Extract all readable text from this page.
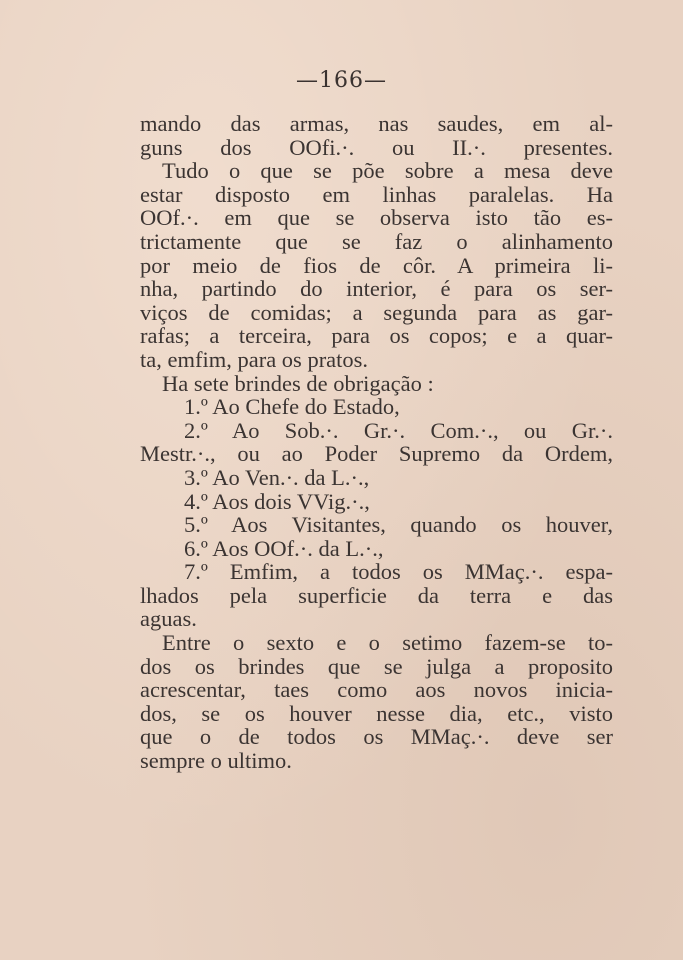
—166—
mando das armas, nas saudes, em al-
guns dos OOfi.·. ou II.·. presentes.
Tudo o que se põe sobre a mesa deve
estar disposto em linhas paralelas. Ha
OOf.·. em que se observa isto tão es-
trictamente que se faz o alinhamento
por meio de fios de côr. A primeira li-
nha, partindo do interior, é para os ser-
viços de comidas; a segunda para as gar-
rafas; a terceira, para os copos; e a quar-
ta, emfim, para os pratos.
Ha sete brindes de obrigação :
1.º Ao Chefe do Estado,
2.º Ao Sob.·. Gr.·. Com.·., ou Gr.·.
Mestr.·., ou ao Poder Supremo da Ordem,
3.º Ao Ven.·. da L.·.,
4.º Aos dois VVig.·.,
5.º Aos Visitantes, quando os houver,
6.º Aos OOf.·. da L.·.,
7.º Emfim, a todos os MMaç.·. espa-
lhados pela superficie da terra e das
aguas.
Entre o sexto e o setimo fazem-se to-
dos os brindes que se julga a proposito
acrescentar, taes como aos novos inicia-
dos, se os houver nesse dia, etc., visto
que o de todos os MMaç.·. deve ser
sempre o ultimo.
